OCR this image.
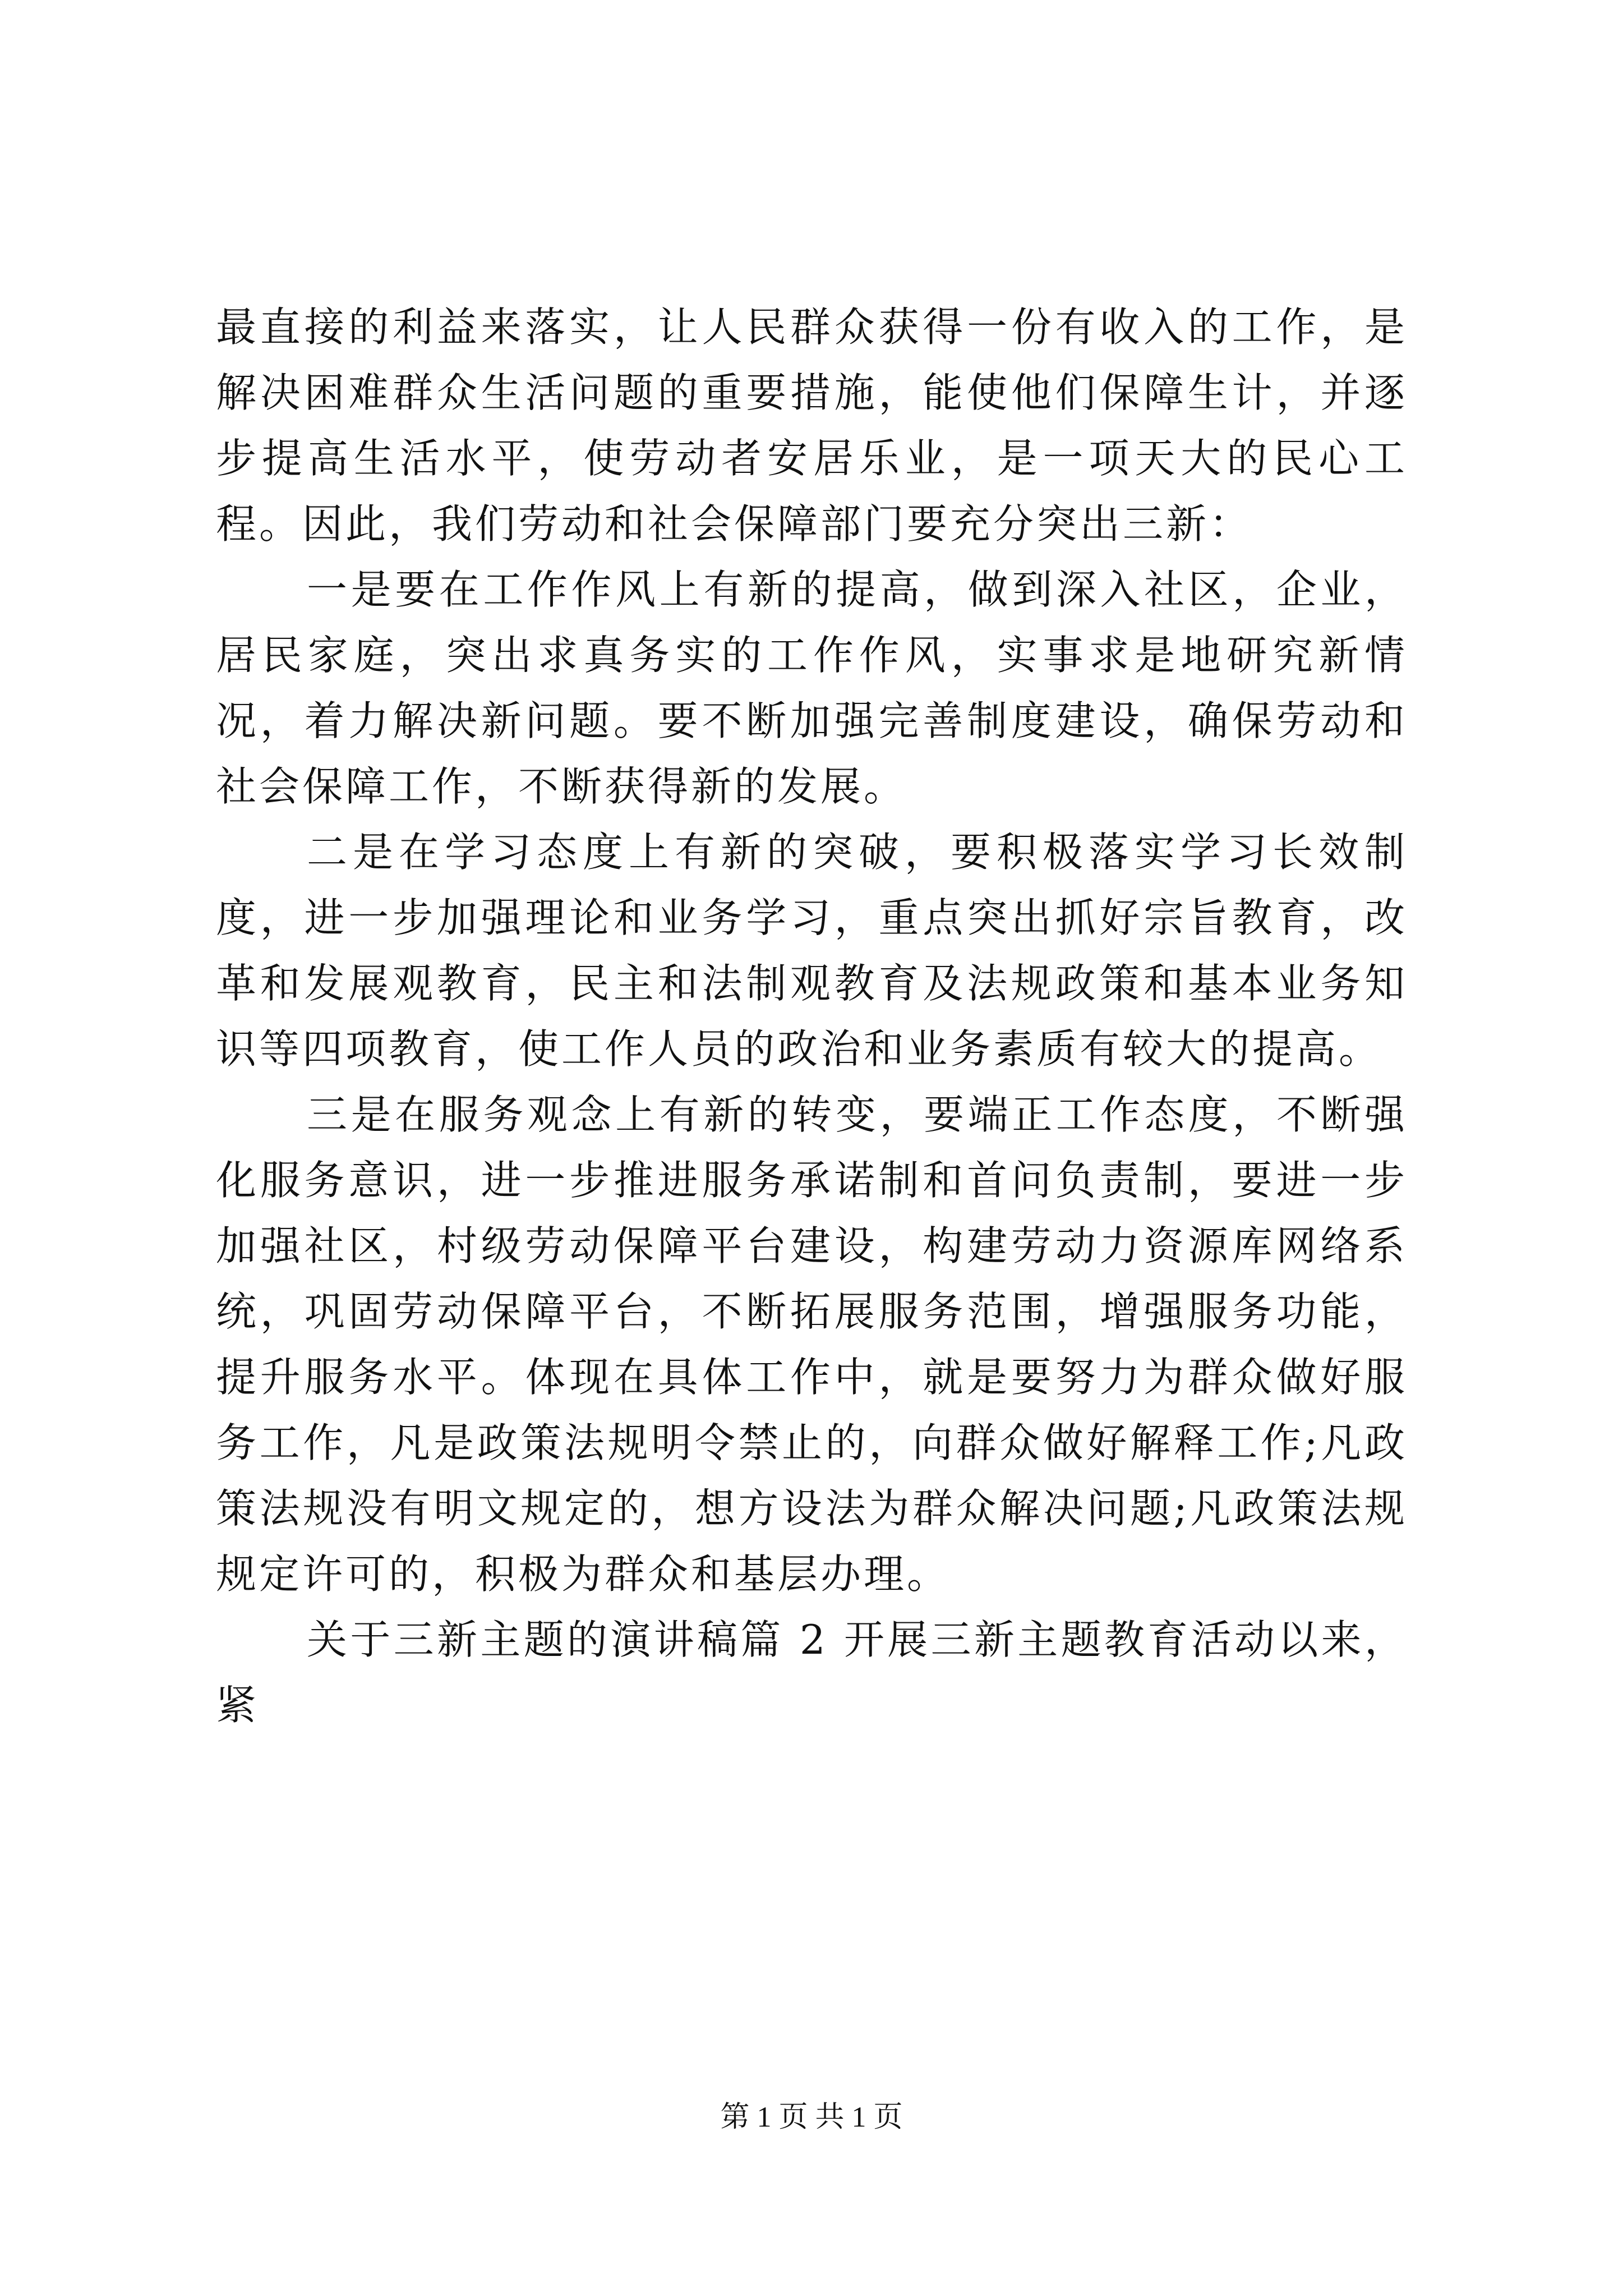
最直接的利益来落实，让人民群众获得一份有收入的工作，是解决困难群众生活问题的重要措施，能使他们保障生计，并逐步提高生活水平，使劳动者安居乐业，是一项天大的民心工程。因此，我们劳动和社会保障部门要充分突出三新：

一是要在工作作风上有新的提高，做到深入社区，企业，居民家庭，突出求真务实的工作作风，实事求是地研究新情况，着力解决新问题。要不断加强完善制度建设，确保劳动和社会保障工作，不断获得新的发展。

二是在学习态度上有新的突破，要积极落实学习长效制度，进一步加强理论和业务学习，重点突出抓好宗旨教育，改革和发展观教育，民主和法制观教育及法规政策和基本业务知识等四项教育，使工作人员的政治和业务素质有较大的提高。

三是在服务观念上有新的转变，要端正工作态度，不断强化服务意识，进一步推进服务承诺制和首问负责制，要进一步加强社区，村级劳动保障平台建设，构建劳动力资源库网络系统，巩固劳动保障平台，不断拓展服务范围，增强服务功能，提升服务水平。体现在具体工作中，就是要努力为群众做好服务工作，凡是政策法规明令禁止的，向群众做好解释工作;凡政策法规没有明文规定的，想方设法为群众解决问题;凡政策法规规定许可的，积极为群众和基层办理。

关于三新主题的演讲稿篇 2 开展三新主题教育活动以来，紧

第 1 页 共 1 页
